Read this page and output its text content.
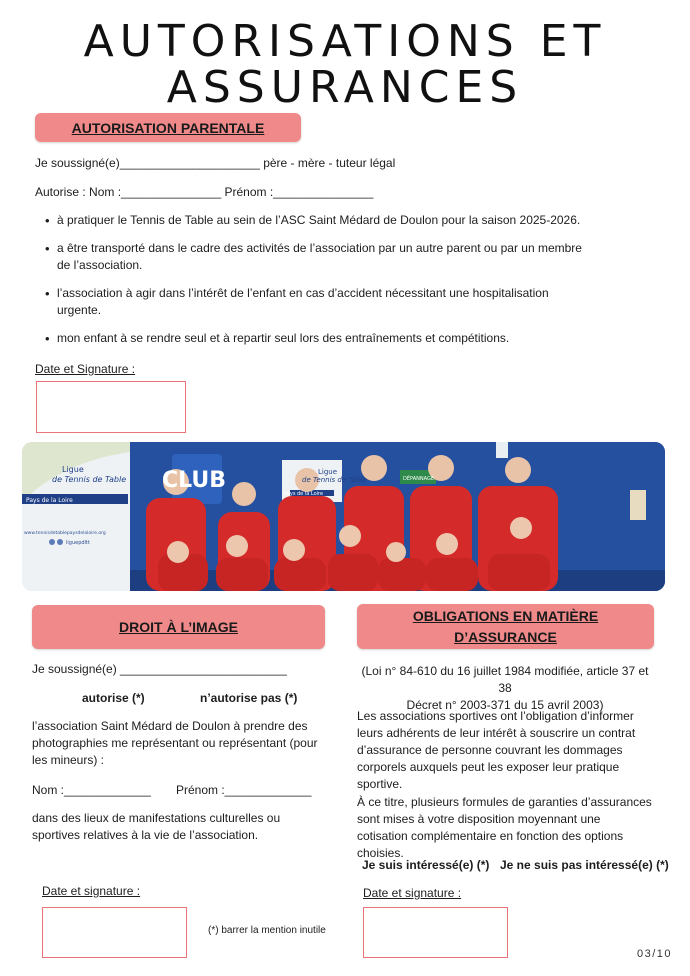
AUTORISATIONS ET
ASSURANCES
AUTORISATION PARENTALE
Je soussigné(e)_____________________ père - mère - tuteur légal
Autorise : Nom :_______________ Prénom :_______________
• à pratiquer le Tennis de Table au sein de l’ASC Saint Médard de Doulon pour la saison 2025-2026.
• a être transporté dans le cadre des activités de l’association par un autre parent ou par un membre de l’association.
• l’association à agir dans l’intérêt de l’enfant en cas d’accident nécessitant une hospitalisation urgente.
• mon enfant à se rendre seul et à repartir seul lors des entraînements et compétitions.
Date et Signature :
Ligue
de Tennis de Table
Pays de la Loire
www.tennisdetablepaysdelaloire.org
liguepdltt
Ligue
de Tennis de Table
Pays de la Loire
CLUB	DÉPANNAGE
DROIT À L’IMAGE
Je soussigné(e) _________________________
autorise (*)	n’autorise pas (*)
l’association Saint Médard de Doulon à prendre des photographies me représentant ou représentant (pour les mineurs) :
Nom :_____________ Prénom :_____________
dans des lieux de manifestations culturelles ou sportives relatives à la vie de l’association.
Date et signature :
(*) barrer la mention inutile
OBLIGATIONS EN MATIÈRE
D’ASSURANCE
(Loi n° 84-610 du 16 juillet 1984 modifiée, article 37 et 38
Décret n° 2003-371 du 15 avril 2003)
Les associations sportives ont l’obligation d’informer leurs adhérents de leur intérêt à souscrire un contrat d’assurance de personne couvrant les dommages corporels auxquels peut les exposer leur pratique sportive.
À ce titre, plusieurs formules de garanties d’assurances sont mises à votre disposition moyennant une cotisation complémentaire en fonction des options choisies.
Je suis intéressé(e) (*) Je ne suis pas intéressé(e) (*)
Date et signature :
03/10
